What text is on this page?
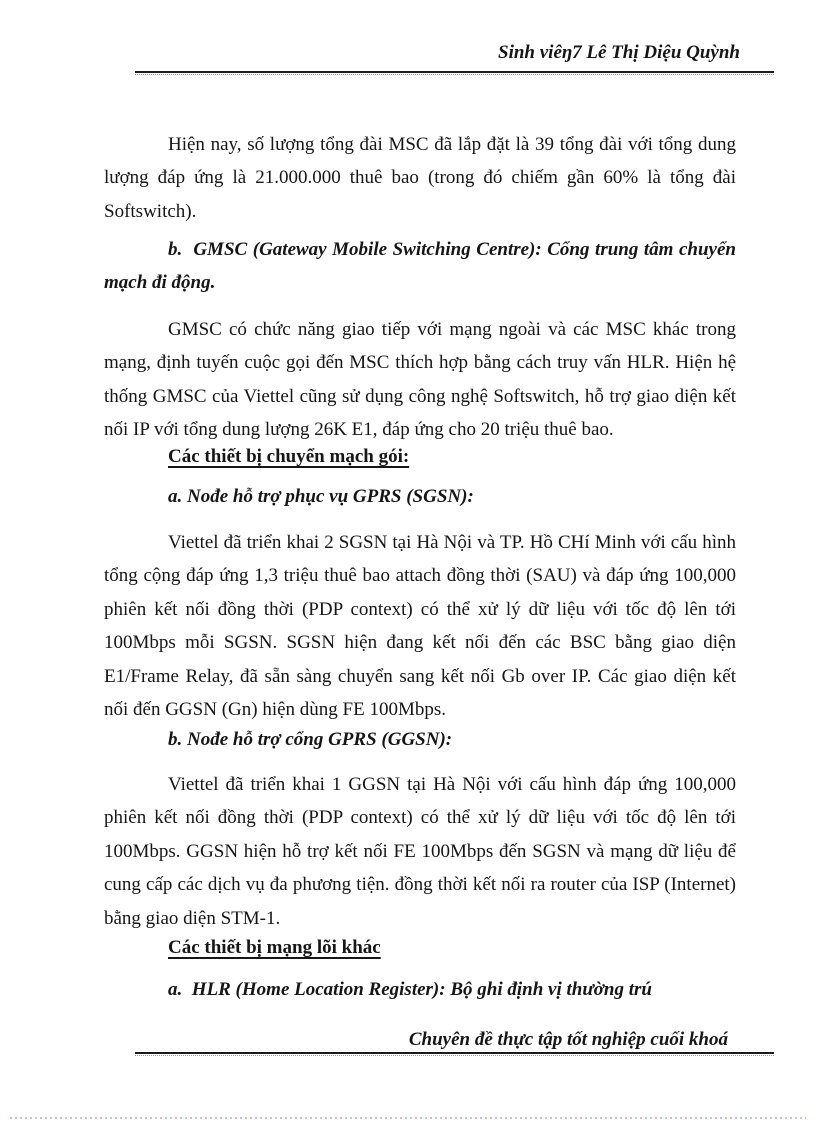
Sinh viêŋ7 Lê Thị Diệu Quỳnh
Hiện nay, số lượng tổng đài MSC đã lắp đặt là 39 tổng đài với tổng dung lượng đáp ứng là 21.000.000 thuê bao (trong đó chiếm gần 60% là tổng đài Softswitch).
b.  GMSC (Gateway Mobile Switching Centre): Cổng trung tâm chuyển mạch đi động.
GMSC có chức năng giao tiếp với mạng ngoài và các MSC khác trong mạng, định tuyến cuộc gọi đến MSC thích hợp bằng cách truy vấn HLR. Hiện hệ thống GMSC của Viettel cũng sử dụng công nghệ Softswitch, hỗ trợ giao diện kết nối IP với tổng dung lượng 26K E1, đáp ứng cho 20 triệu thuê bao.
Các thiết bị chuyển mạch gói:
a. Nođe hỗ trợ phục vụ GPRS (SGSN):
Viettel đã triển khai 2 SGSN tại Hà Nội và TP. Hồ CHí Minh với cấu hình tổng cộng đáp ứng 1,3 triệu thuê bao attach đồng thời (SAU) và đáp ứng 100,000 phiên kết nối đồng thời (PDP context) có thể xử lý dữ liệu với tốc độ lên tới 100Mbps mỗi SGSN. SGSN hiện đang kết nối đến các BSC bằng giao diện E1/Frame Relay, đã sẵn sàng chuyển sang kết nối Gb over IP. Các giao diện kết nối đến GGSN (Gn) hiện dùng FE 100Mbps.
b. Nođe hỗ trợ cổng GPRS (GGSN):
Viettel đã triển khai 1 GGSN tại Hà Nội với cấu hình đáp ứng 100,000 phiên kết nối đồng thời (PDP context) có thể xử lý dữ liệu với tốc độ lên tới 100Mbps. GGSN hiện hỗ trợ kết nối FE 100Mbps đến SGSN và mạng dữ liệu để cung cấp các dịch vụ đa phương tiện. đồng thời kết nối ra router của ISP (Internet) bằng giao diện STM-1.
Các thiết bị mạng lõi khác
a.  HLR (Home Location Register): Bộ ghi định vị thường trú
Chuyên đề thực tập tốt nghiệp cuối khoá
